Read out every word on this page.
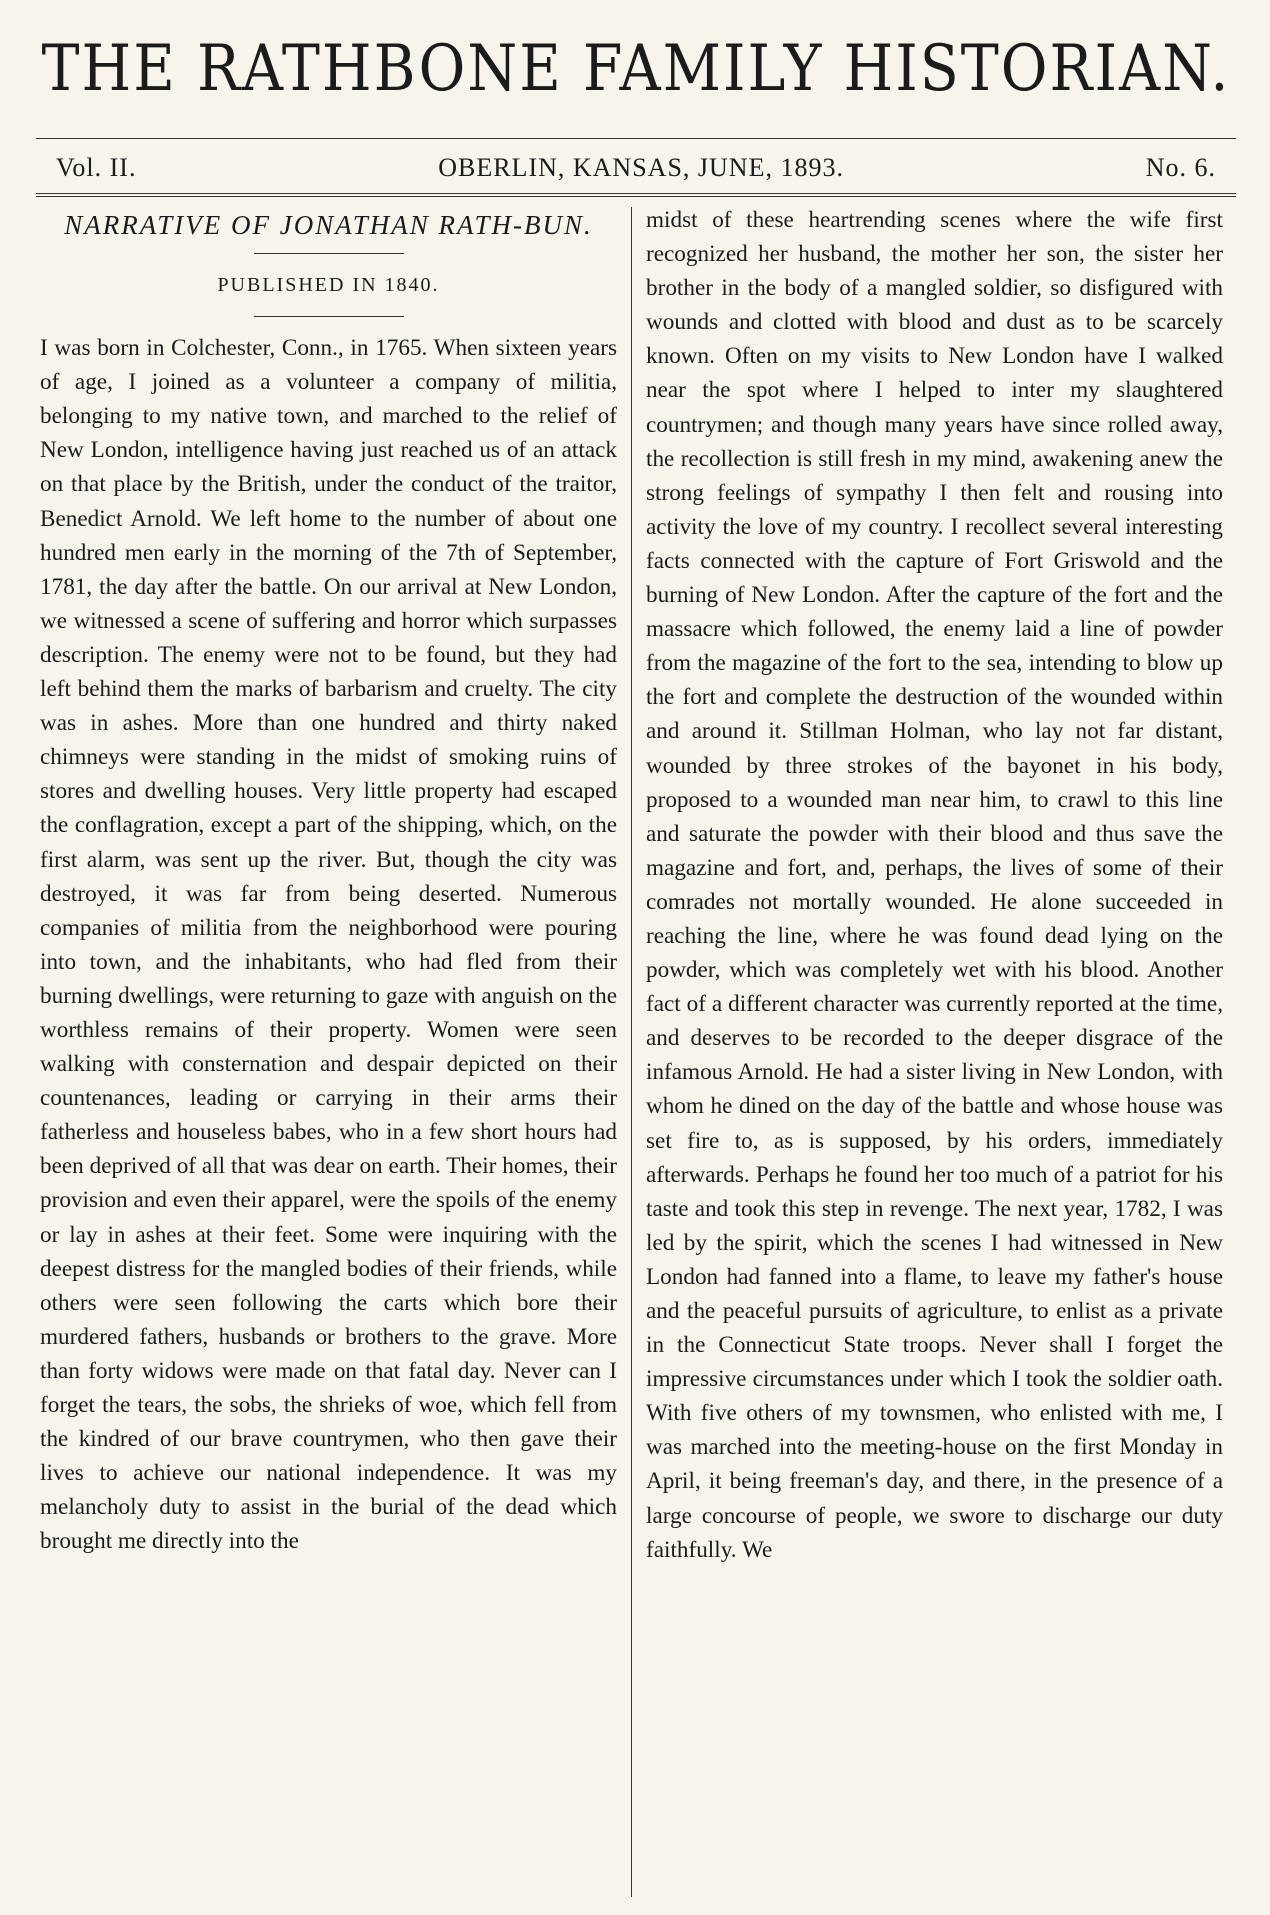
THE RATHBONE FAMILY HISTORIAN.
Vol. II.	OBERLIN, KANSAS, JUNE, 1893.	No. 6.
NARRATIVE OF JONATHAN RATH-BUN.
PUBLISHED IN 1840.

I was born in Colchester, Conn., in 1765. When sixteen years of age, I joined as a volunteer a company of militia, belonging to my native town, and marched to the relief of New London, intelligence having just reached us of an attack on that place by the British, under the conduct of the traitor, Benedict Arnold. We left home to the number of about one hundred men early in the morning of the 7th of September, 1781, the day after the battle. On our arrival at New London, we witnessed a scene of suffering and horror which surpasses description. The enemy were not to be found, but they had left behind them the marks of barbarism and cruelty. The city was in ashes. More than one hundred and thirty naked chimneys were standing in the midst of smoking ruins of stores and dwelling houses. Very little property had escaped the conflagration, except a part of the shipping, which, on the first alarm, was sent up the river. But, though the city was destroyed, it was far from being deserted. Numerous companies of militia from the neighborhood were pouring into town, and the inhabitants, who had fled from their burning dwellings, were returning to gaze with anguish on the worthless remains of their property. Women were seen walking with consternation and despair depicted on their countenances, leading or carrying in their arms their fatherless and houseless babes, who in a few short hours had been deprived of all that was dear on earth. Their homes, their provision and even their apparel, were the spoils of the enemy or lay in ashes at their feet. Some were inquiring with the deepest distress for the mangled bodies of their friends, while others were seen following the carts which bore their murdered fathers, husbands or brothers to the grave. More than forty widows were made on that fatal day. Never can I forget the tears, the sobs, the shrieks of woe, which fell from the kindred of our brave countrymen, who then gave their lives to achieve our national independence. It was my melancholy duty to assist in the burial of the dead which brought me directly into the

midst of these heartrending scenes where the wife first recognized her husband, the mother her son, the sister her brother in the body of a mangled soldier, so disfigured with wounds and clotted with blood and dust as to be scarcely known. Often on my visits to New London have I walked near the spot where I helped to inter my slaughtered countrymen; and though many years have since rolled away, the recollection is still fresh in my mind, awakening anew the strong feelings of sympathy I then felt and rousing into activity the love of my country. I recollect several interesting facts connected with the capture of Fort Griswold and the burning of New London. After the capture of the fort and the massacre which followed, the enemy laid a line of powder from the magazine of the fort to the sea, intending to blow up the fort and complete the destruction of the wounded within and around it. Stillman Holman, who lay not far distant, wounded by three strokes of the bayonet in his body, proposed to a wounded man near him, to crawl to this line and saturate the powder with their blood and thus save the magazine and fort, and, perhaps, the lives of some of their comrades not mortally wounded. He alone succeeded in reaching the line, where he was found dead lying on the powder, which was completely wet with his blood. Another fact of a different character was currently reported at the time, and deserves to be recorded to the deeper disgrace of the infamous Arnold. He had a sister living in New London, with whom he dined on the day of the battle and whose house was set fire to, as is supposed, by his orders, immediately afterwards. Perhaps he found her too much of a patriot for his taste and took this step in revenge. The next year, 1782, I was led by the spirit, which the scenes I had witnessed in New London had fanned into a flame, to leave my father's house and the peaceful pursuits of agriculture, to enlist as a private in the Connecticut State troops. Never shall I forget the impressive circumstances under which I took the soldier oath. With five others of my townsmen, who enlisted with me, I was marched into the meeting-house on the first Monday in April, it being freeman's day, and there, in the presence of a large concourse of people, we swore to discharge our duty faithfully. We
